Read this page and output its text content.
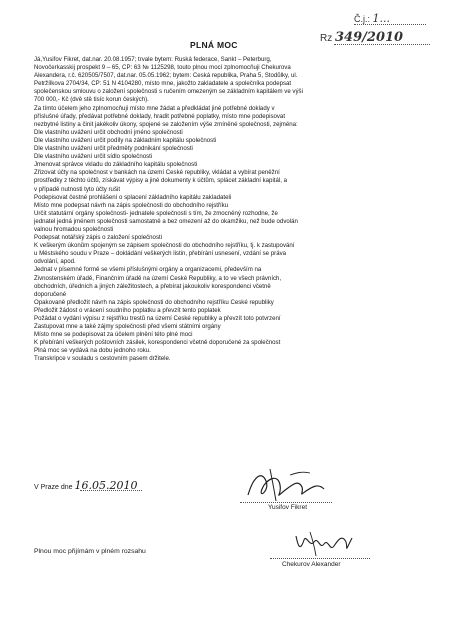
Č.j.: 1...
Rz 349/2010
PLNÁ MOC
Já,Yusifov Fikret, dat.nar. 20.08.1957; trvale bytem: Ruská federace, Sankt – Peterburg,
Novočerkasskij prospekt 9 – 65, CP: 63 № 1125298, touto plnou mocí zplnomocňuji Chekurova
Alexandera, r.č. 620505/7507, dat.nar. 05.05.1962; bytem: Česká republika, Praha 5, Stodůlky, ul.
Petržílkova 2704/34, CP: 51 N 4104280, místo mne, jakožto zakladatele a společníka podepsat
společenskou smlouvu o založení společnosti s ručením omezeným se základním kapitálem ve výši
700 000,- Kč (dvě stě tisíc korun českých).
Za tímto účelem jeho zplnomocňuji místo mne žádat a předkládat jiné potřebné doklady v
příslušné úřady, předávat potřebné doklady, hradit potřebné poplatky, místo mne podepisovat
nezbytné listiny a činit jakékoliv úkony, spojené se založením výše zmíněné společnosti, zejména:
Dle vlastního uvážení určit obchodní jméno společnosti
Dle vlastního uvážení určit podíly na základním kapitálu společnosti
Dle vlastního uvážení určit předměty podnikání společnosti
Dle vlastního uvážení určit sídlo společnosti
Jmenovat správce vkladu do základního kapitálu společnosti
Zřizovat účty na společnost v bankách na území České republiky, vkládat a vybírat peněžní
prostředky z těchto účtů, získávat výpisy a jiné dokumenty k účtům, splácet základní kapitál, a
v případě nutnosti tyto účty rušit
Podepisovat čestné prohlášení o splacení základního kapitálu zakladateli
Místo mne podepsat návrh na zápis společnosti do obchodního rejstříku
Určit statutární orgány společnosti- jednatele společnosti s tím, že zmocněný rozhodne, že
jednatel jedná jménem společnosti samostatně a bez omezení až do okamžiku, než bude odvolán
valnou hromadou společnosti
Podepsat notářský zápis o založení společnosti
K veškerým úkonům spojeným se zápisem společnosti do obchodního rejstříku, tj. k zastupování
u Městského soudu v Praze – dokládání veškerých listin, přebírání usnesení, vzdání se práva
odvolání, apod.
Jednat v písemné formě se všemi příslušnými orgány a organizacemi, především na
Živnostenském úřadě, Finančním úřadě na území České Republiky, a to ve všech právních,
obchodních, úředních a jiných záležitostech, a přebírat jakoukoliv korespondenci včetně
doporučené
Opakovaně předložit návrh na zápis společnosti do obchodního rejstříku České republiky
Předložit žádost o vrácení soudního poplatku a převzít tento poplatek
Požádat o vydání výpisu z rejstříku trestů na území České republiky a převzít toto potvrzení
Zastupovat mne a také zájmy společnosti před všemi státními orgány
Místo mne se podepisovat za účelem plnění této plné moci
K přebírání veškerých poštovních zásilek, korespondenci včetně doporučené za společnost
Plná moc se vydává na dobu jednoho roku.
Transkripce v souladu s cestovním pasem držitele.
V Praze dne 16.05.2010
Yusifov Fikret
Plnou moc přijímám v plném rozsahu
Chekurov Alexander
